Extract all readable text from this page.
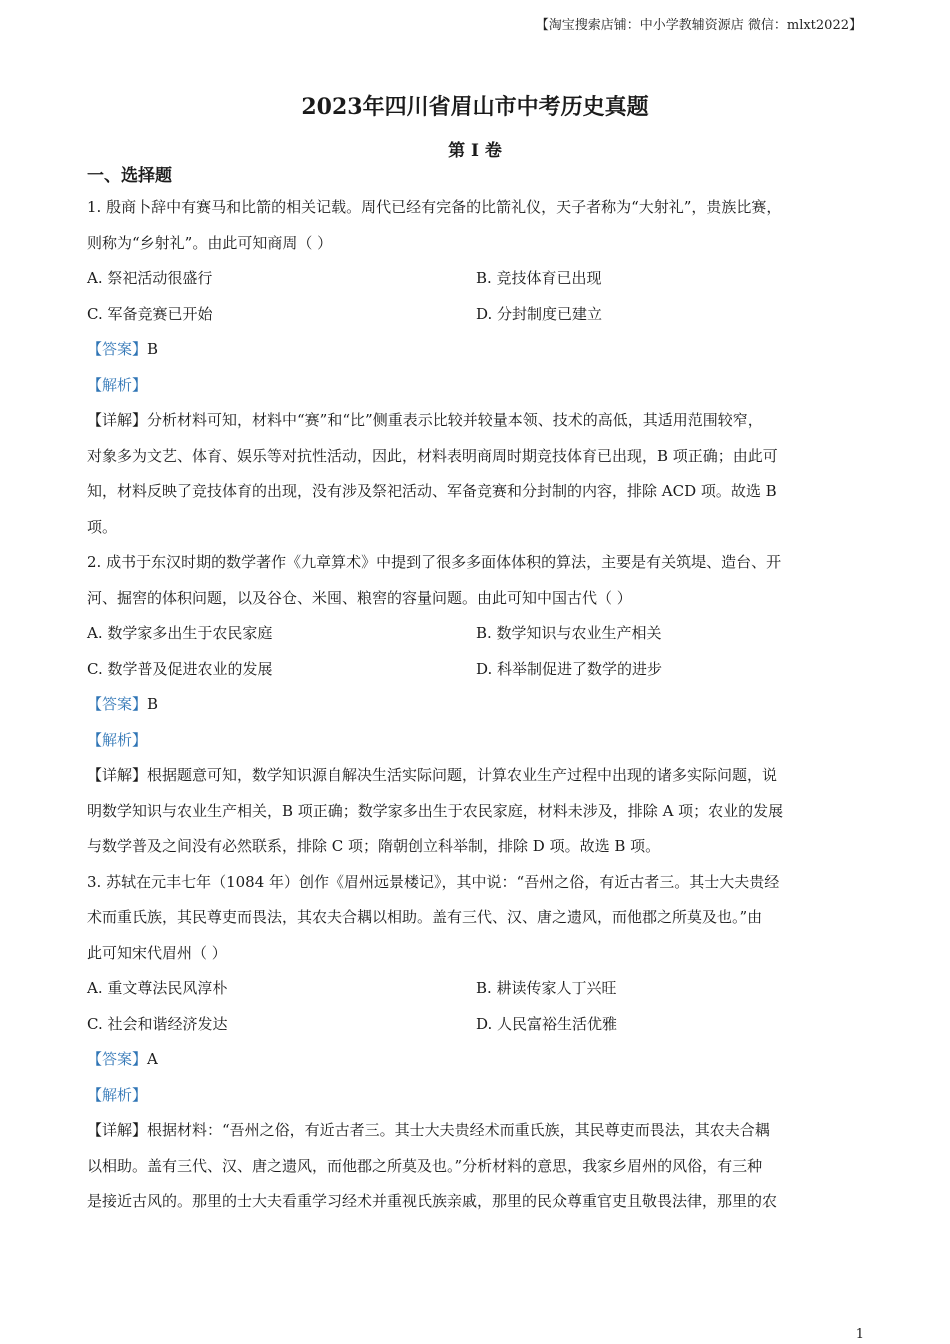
【淘宝搜索店铺：中小学教辅资源店 微信：mlxt2022】
2023年四川省眉山市中考历史真题
第 I 卷
一、选择题
1. 殷商卜辞中有赛马和比箭的相关记载。周代已经有完备的比箭礼仪，天子者称为“大射礼”，贵族比赛，
则称为“乡射礼”。由此可知商周（ ）
A. 祭祀活动很盛行	B. 竞技体育已出现
C. 军备竞赛已开始	D. 分封制度已建立
【答案】B
【解析】
【详解】分析材料可知，材料中“赛”和“比”侧重表示比较并较量本领、技术的高低，其适用范围较窄，
对象多为文艺、体育、娱乐等对抗性活动，因此，材料表明商周时期竞技体育已出现，B 项正确；由此可
知，材料反映了竞技体育的出现，没有涉及祭祀活动、军备竞赛和分封制的内容，排除 ACD 项。故选 B
项。
2. 成书于东汉时期的数学著作《九章算术》中提到了很多多面体体积的算法，主要是有关筑堤、造台、开
河、掘窖的体积问题，以及谷仓、米囤、粮窖的容量问题。由此可知中国古代（ ）
A. 数学家多出生于农民家庭	B. 数学知识与农业生产相关
C. 数学普及促进农业的发展	D. 科举制促进了数学的进步
【答案】B
【解析】
【详解】根据题意可知，数学知识源自解决生活实际问题，计算农业生产过程中出现的诸多实际问题，说
明数学知识与农业生产相关，B 项正确；数学家多出生于农民家庭，材料未涉及，排除 A 项；农业的发展
与数学普及之间没有必然联系，排除 C 项；隋朝创立科举制，排除 D 项。故选 B 项。
3. 苏轼在元丰七年（1084 年）创作《眉州远景楼记》，其中说：“吾州之俗，有近古者三。其士大夫贵经
术而重氏族，其民尊吏而畏法，其农夫合耦以相助。盖有三代、汉、唐之遗风，而他郡之所莫及也。”由
此可知宋代眉州（ ）
A. 重文尊法民风淳朴	B. 耕读传家人丁兴旺
C. 社会和谐经济发达	D. 人民富裕生活优雅
【答案】A
【解析】
【详解】根据材料：“吾州之俗，有近古者三。其士大夫贵经术而重氏族，其民尊吏而畏法，其农夫合耦
以相助。盖有三代、汉、唐之遗风，而他郡之所莫及也。”分析材料的意思，我家乡眉州的风俗，有三种
是接近古风的。那里的士大夫看重学习经术并重视氏族亲戚，那里的民众尊重官吏且敬畏法律，那里的农
1
